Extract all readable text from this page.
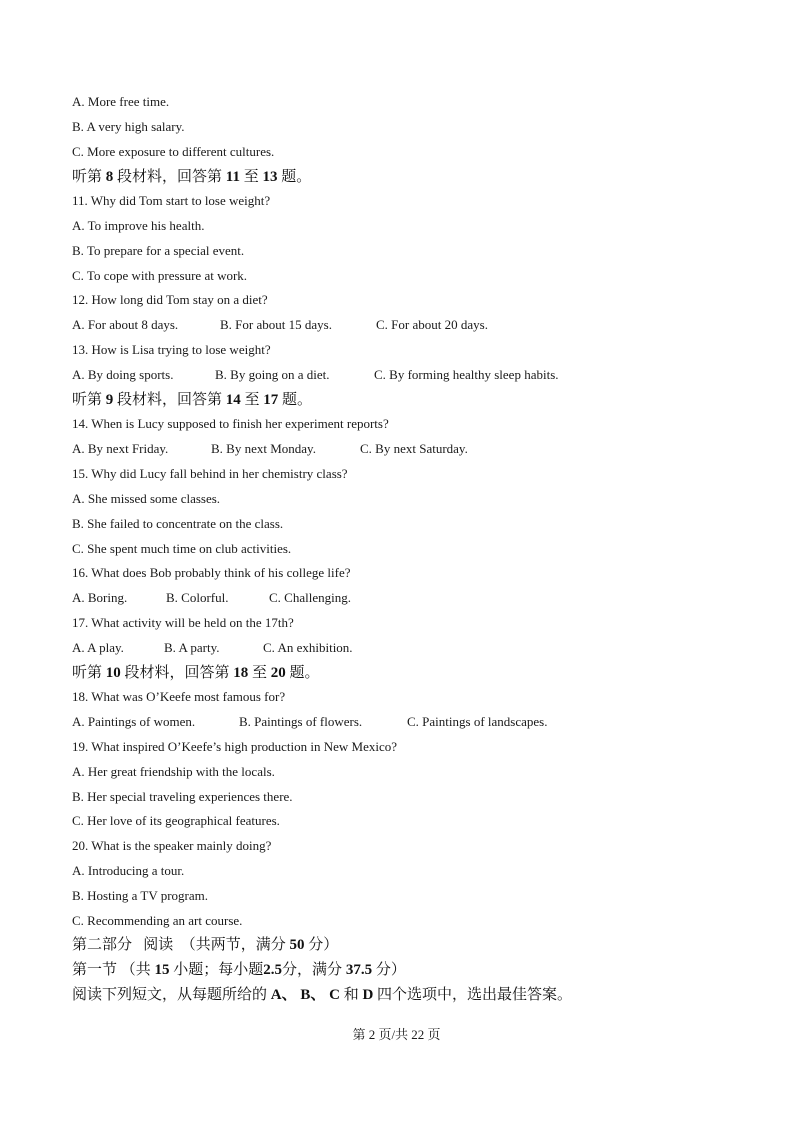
A. More free time.
B. A very high salary.
C. More exposure to different cultures.
听第 8 段材料，回答第 11 至 13 题。
11. Why did Tom start to lose weight?
A. To improve his health.
B. To prepare for a special event.
C. To cope with pressure at work.
12. How long did Tom stay on a diet?
A. For about 8 days.	B. For about 15 days.	C. For about 20 days.
13. How is Lisa trying to lose weight?
A. By doing sports.	B. By going on a diet.	C. By forming healthy sleep habits.
听第 9 段材料，回答第 14 至 17 题。
14. When is Lucy supposed to finish her experiment reports?
A. By next Friday.	B. By next Monday.	C. By next Saturday.
15. Why did Lucy fall behind in her chemistry class?
A. She missed some classes.
B. She failed to concentrate on the class.
C. She spent much time on club activities.
16. What does Bob probably think of his college life?
A. Boring.	B. Colorful.	C. Challenging.
17. What activity will be held on the 17th?
A. A play.	B. A party.	C. An exhibition.
听第 10 段材料，回答第 18 至 20 题。
18. What was O’Keefe most famous for?
A. Paintings of women.	B. Paintings of flowers.	C. Paintings of landscapes.
19. What inspired O’Keefe’s high production in New Mexico?
A. Her great friendship with the locals.
B. Her special traveling experiences there.
C. Her love of its geographical features.
20. What is the speaker mainly doing?
A. Introducing a tour.
B. Hosting a TV program.
C. Recommending an art course.
第二部分 阅读 （共两节，满分 50 分）
第一节 （共 15 小题；每小题2.5分，满分 37.5 分）
阅读下列短文，从每题所给的 A、 B、 C 和 D 四个选项中，选出最佳答案。
第 2 页/共 22 页
